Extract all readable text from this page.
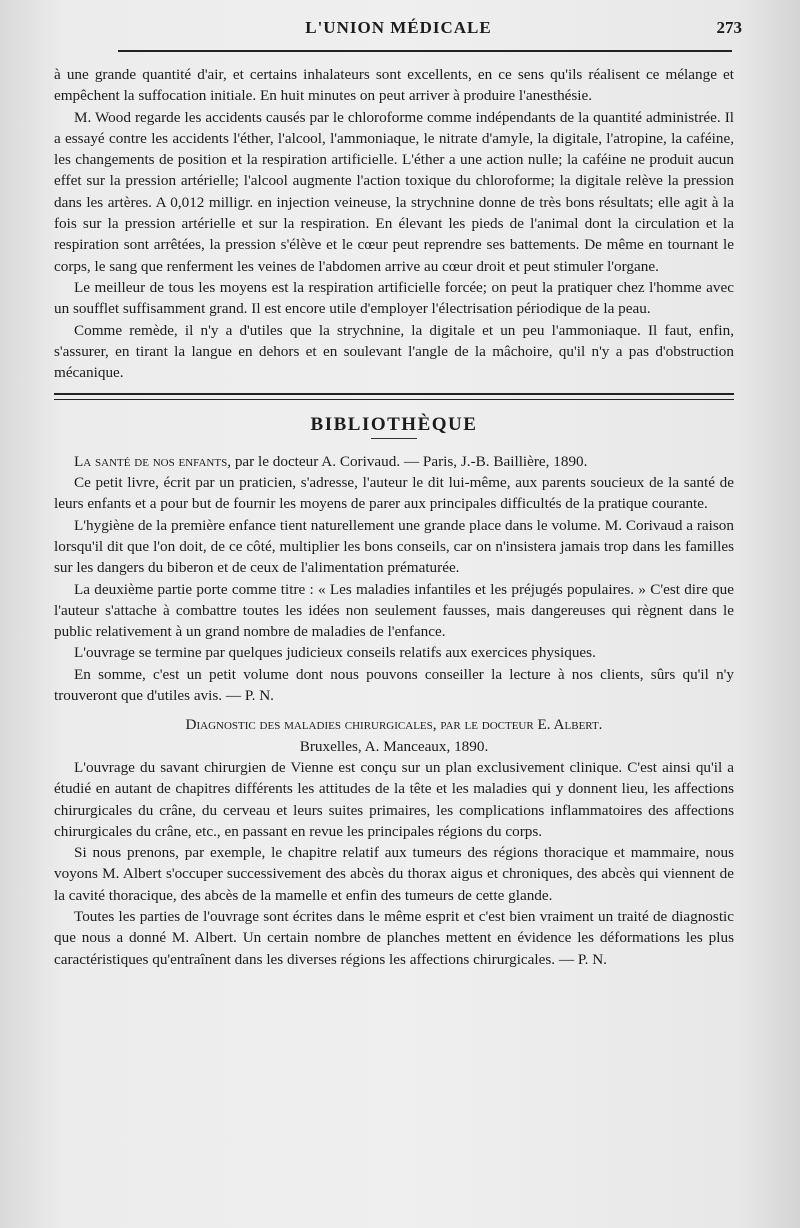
L'UNION MÉDICALE	273

à une grande quantité d'air, et certains inhalateurs sont excellents, en ce sens qu'ils réalisent ce mélange et empêchent la suffocation initiale. En huit minutes on peut arriver à produire l'anesthésie.

M. Wood regarde les accidents causés par le chloroforme comme indépendants de la quantité administrée. Il a essayé contre les accidents l'éther, l'alcool, l'ammoniaque, le nitrate d'amyle, la digitale, l'atropine, la caféine, les changements de position et la respiration artificielle. L'éther a une action nulle; la caféine ne produit aucun effet sur la pression artérielle; l'alcool augmente l'action toxique du chloroforme; la digitale relève la pression dans les artères. A 0,012 milligr. en injection veineuse, la strychnine donne de très bons résultats; elle agit à la fois sur la pression artérielle et sur la respiration. En élevant les pieds de l'animal dont la circulation et la respiration sont arrêtées, la pression s'élève et le cœur peut reprendre ses battements. De même en tournant le corps, le sang que renferment les veines de l'abdomen arrive au cœur droit et peut stimuler l'organe.

Le meilleur de tous les moyens est la respiration artificielle forcée; on peut la pratiquer chez l'homme avec un soufflet suffisamment grand. Il est encore utile d'employer l'électrisation périodique de la peau.

Comme remède, il n'y a d'utiles que la strychnine, la digitale et un peu l'ammoniaque. Il faut, enfin, s'assurer, en tirant la langue en dehors et en soulevant l'angle de la mâchoire, qu'il n'y a pas d'obstruction mécanique.

BIBLIOTHÈQUE

La santé de nos enfants, par le docteur A. Corivaud. — Paris, J.-B. Baillière, 1890.

Ce petit livre, écrit par un praticien, s'adresse, l'auteur le dit lui-même, aux parents soucieux de la santé de leurs enfants et a pour but de fournir les moyens de parer aux principales difficultés de la pratique courante.

L'hygiène de la première enfance tient naturellement une grande place dans le volume. M. Corivaud a raison lorsqu'il dit que l'on doit, de ce côté, multiplier les bons conseils, car on n'insistera jamais trop dans les familles sur les dangers du biberon et de ceux de l'alimentation prématurée.

La deuxième partie porte comme titre : « Les maladies infantiles et les préjugés populaires. » C'est dire que l'auteur s'attache à combattre toutes les idées non seulement fausses, mais dangereuses qui règnent dans le public relativement à un grand nombre de maladies de l'enfance.

L'ouvrage se termine par quelques judicieux conseils relatifs aux exercices physiques.

En somme, c'est un petit volume dont nous pouvons conseiller la lecture à nos clients, sûrs qu'il n'y trouveront que d'utiles avis. — P. N.

Diagnostic des maladies chirurgicales, par le docteur E. Albert.

Bruxelles, A. Manceaux, 1890.

L'ouvrage du savant chirurgien de Vienne est conçu sur un plan exclusivement clinique. C'est ainsi qu'il a étudié en autant de chapitres différents les attitudes de la tête et les maladies qui y donnent lieu, les affections chirurgicales du crâne, du cerveau et leurs suites primaires, les complications inflammatoires des affections chirurgicales du crâne, etc., en passant en revue les principales régions du corps.

Si nous prenons, par exemple, le chapitre relatif aux tumeurs des régions thoracique et mammaire, nous voyons M. Albert s'occuper successivement des abcès du thorax aigus et chroniques, des abcès qui viennent de la cavité thoracique, des abcès de la mamelle et enfin des tumeurs de cette glande.

Toutes les parties de l'ouvrage sont écrites dans le même esprit et c'est bien vraiment un traité de diagnostic que nous a donné M. Albert. Un certain nombre de planches mettent en évidence les déformations les plus caractéristiques qu'entraînent dans les diverses régions les affections chirurgicales. — P. N.
